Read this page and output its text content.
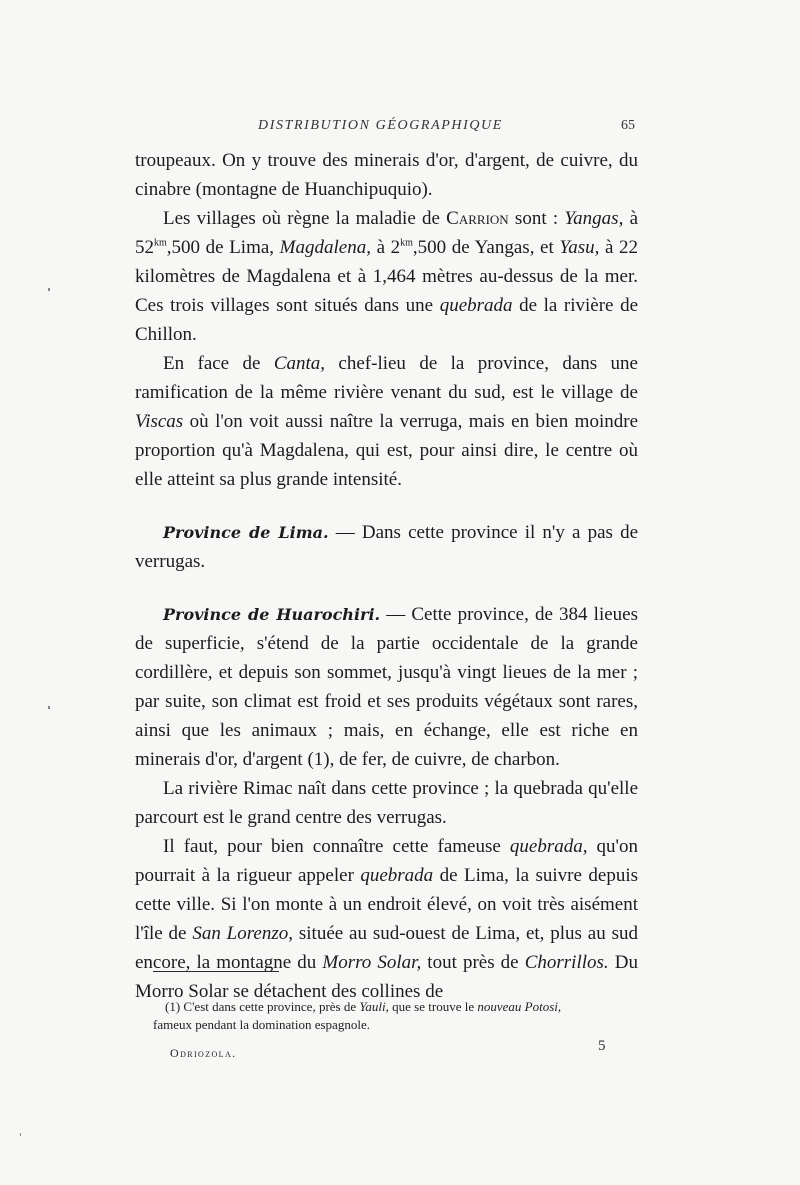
DISTRIBUTION GÉOGRAPHIQUE	65

troupeaux. On y trouve des minerais d'or, d'argent, de cuivre, du cinabre (montagne de Huanchipuquio).

Les villages où règne la maladie de Carrion sont : Yangas, à $52^{km},500$ de Lima, Magdalena, à $2^{km},500$ de Yangas, et Yasu, à 22 kilomètres de Magdalena et à 1,464 mètres au-dessus de la mer. Ces trois villages sont situés dans une quebrada de la rivière de Chillon.

En face de Canta, chef-lieu de la province, dans une ramification de la même rivière venant du sud, est le village de Viscas où l'on voit aussi naître la verruga, mais en bien moindre proportion qu'à Magdalena, qui est, pour ainsi dire, le centre où elle atteint sa plus grande intensité.

Province de Lima. — Dans cette province il n'y a pas de verrugas.

Province de Huarochiri. — Cette province, de 384 lieues de superficie, s'étend de la partie occidentale de la grande cordillère, et depuis son sommet, jusqu'à vingt lieues de la mer ; par suite, son climat est froid et ses produits végétaux sont rares, ainsi que les animaux ; mais, en échange, elle est riche en minerais d'or, d'argent (1), de fer, de cuivre, de charbon.

La rivière Rimac naît dans cette province ; la quebrada qu'elle parcourt est le grand centre des verrugas.

Il faut, pour bien connaître cette fameuse quebrada, qu'on pourrait à la rigueur appeler quebrada de Lima, la suivre depuis cette ville. Si l'on monte à un endroit élevé, on voit très aisément l'île de San Lorenzo, située au sud-ouest de Lima, et, plus au sud encore, la montagne du Morro Solar, tout près de Chorrillos. Du Morro Solar se détachent des collines de

(1) C'est dans cette province, près de Yauli, que se trouve le nouveau Potosi,

fameux pendant la domination espagnole.

Odriozola.	5
